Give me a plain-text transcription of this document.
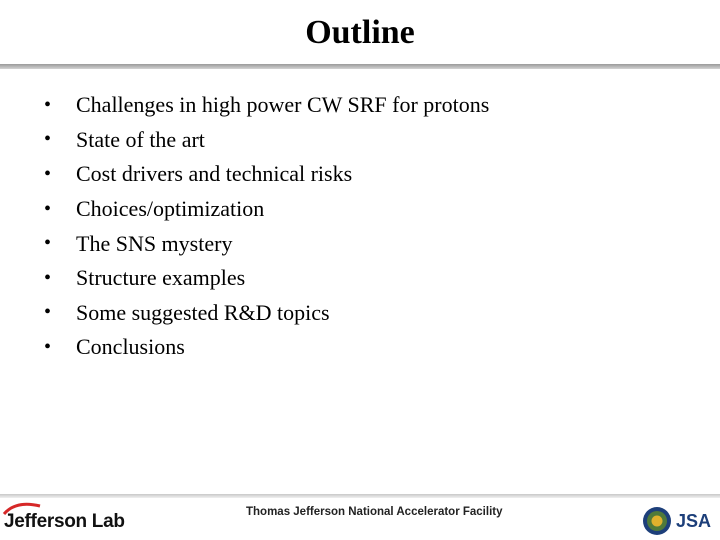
Outline
•	Challenges in high power CW SRF for protons
•	State of the art
•	Cost drivers and technical risks
•	Choices/optimization
•	The SNS mystery
•	Structure examples
•	Some suggested R&D topics
•	Conclusions
Jefferson Lab	Thomas Jefferson National Accelerator Facility	JSA
